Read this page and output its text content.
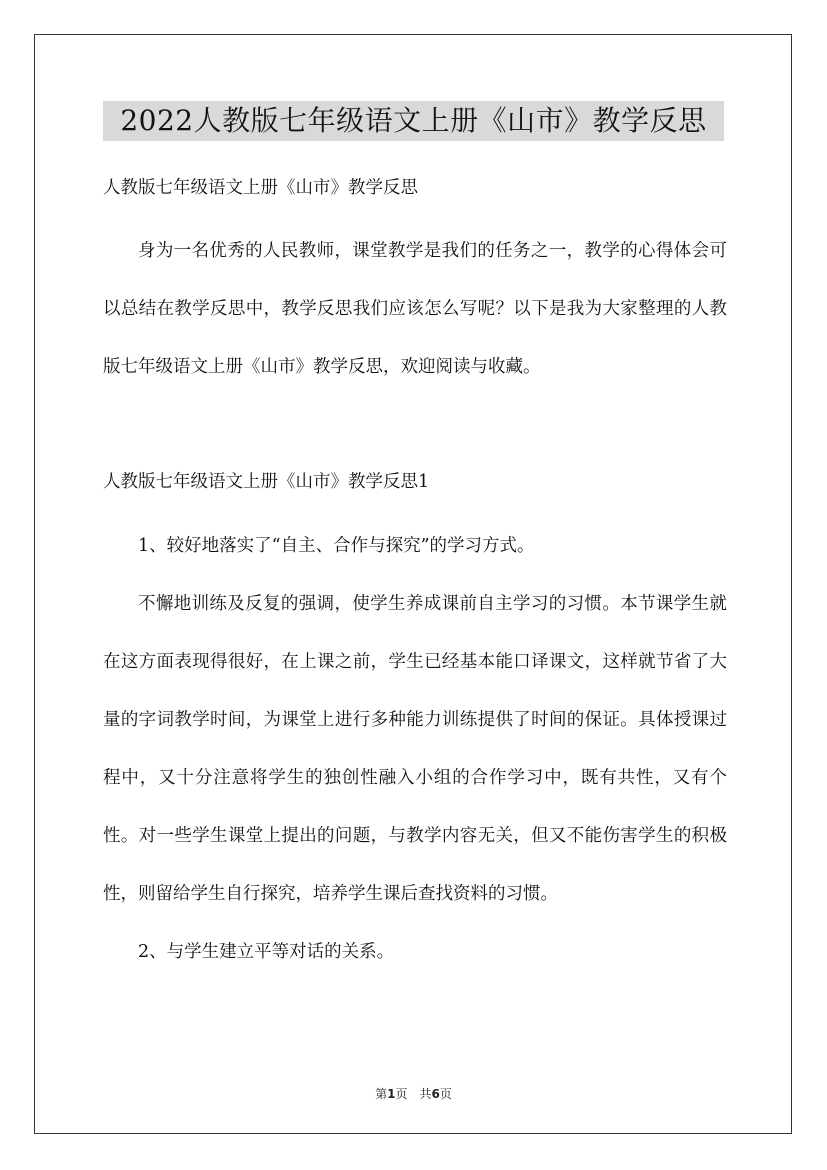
2022人教版七年级语文上册《山市》教学反思

人教版七年级语文上册《山市》教学反思

身为一名优秀的人民教师，课堂教学是我们的任务之一，教学的心得体会可以总结在教学反思中，教学反思我们应该怎么写呢？以下是我为大家整理的人教版七年级语文上册《山市》教学反思，欢迎阅读与收藏。

人教版七年级语文上册《山市》教学反思1

1、较好地落实了“自主、合作与探究”的学习方式。

不懈地训练及反复的强调，使学生养成课前自主学习的习惯。本节课学生就在这方面表现得很好，在上课之前，学生已经基本能口译课文，这样就节省了大量的字词教学时间，为课堂上进行多种能力训练提供了时间的保证。具体授课过程中，又十分注意将学生的独创性融入小组的合作学习中，既有共性，又有个性。对一些学生课堂上提出的问题，与教学内容无关，但又不能伤害学生的积极性，则留给学生自行探究，培养学生课后查找资料的习惯。

2、与学生建立平等对话的关系。

第1页　共6页
